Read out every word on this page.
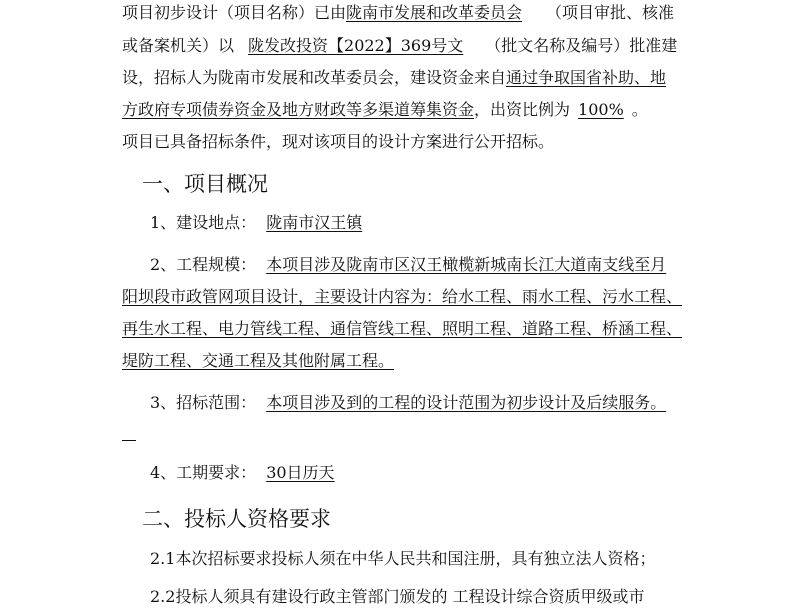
项目初步设计（项目名称）已由陇南市发展和改革委员会 （项目审批、核准
或备案机关）以 陇发改投资【2022】369号文 （批文名称及编号）批准建
设，招标人为陇南市发展和改革委员会，建设资金来自通过争取国省补助、地
方政府专项债券资金及地方财政等多渠道筹集资金，出资比例为 100% 。
项目已具备招标条件，现对该项目的设计方案进行公开招标。
一、项目概况
1、建设地点： 陇南市汉王镇
2、工程规模： 本项目涉及陇南市区汉王橄榄新城南长江大道南支线至月
阳坝段市政管网项目设计，主要设计内容为：给水工程、雨水工程、污水工程、
再生水工程、电力管线工程、通信管线工程、照明工程、道路工程、桥涵工程、
堤防工程、交通工程及其他附属工程。
3、招标范围： 本项目涉及到的工程的设计范围为初步设计及后续服务。
4、工期要求： 30日历天
二、投标人资格要求
2.1本次招标要求投标人须在中华人民共和国注册，具有独立法人资格；
2.2投标人须具有建设行政主管部门颁发的 工程设计综合资质甲级或市
